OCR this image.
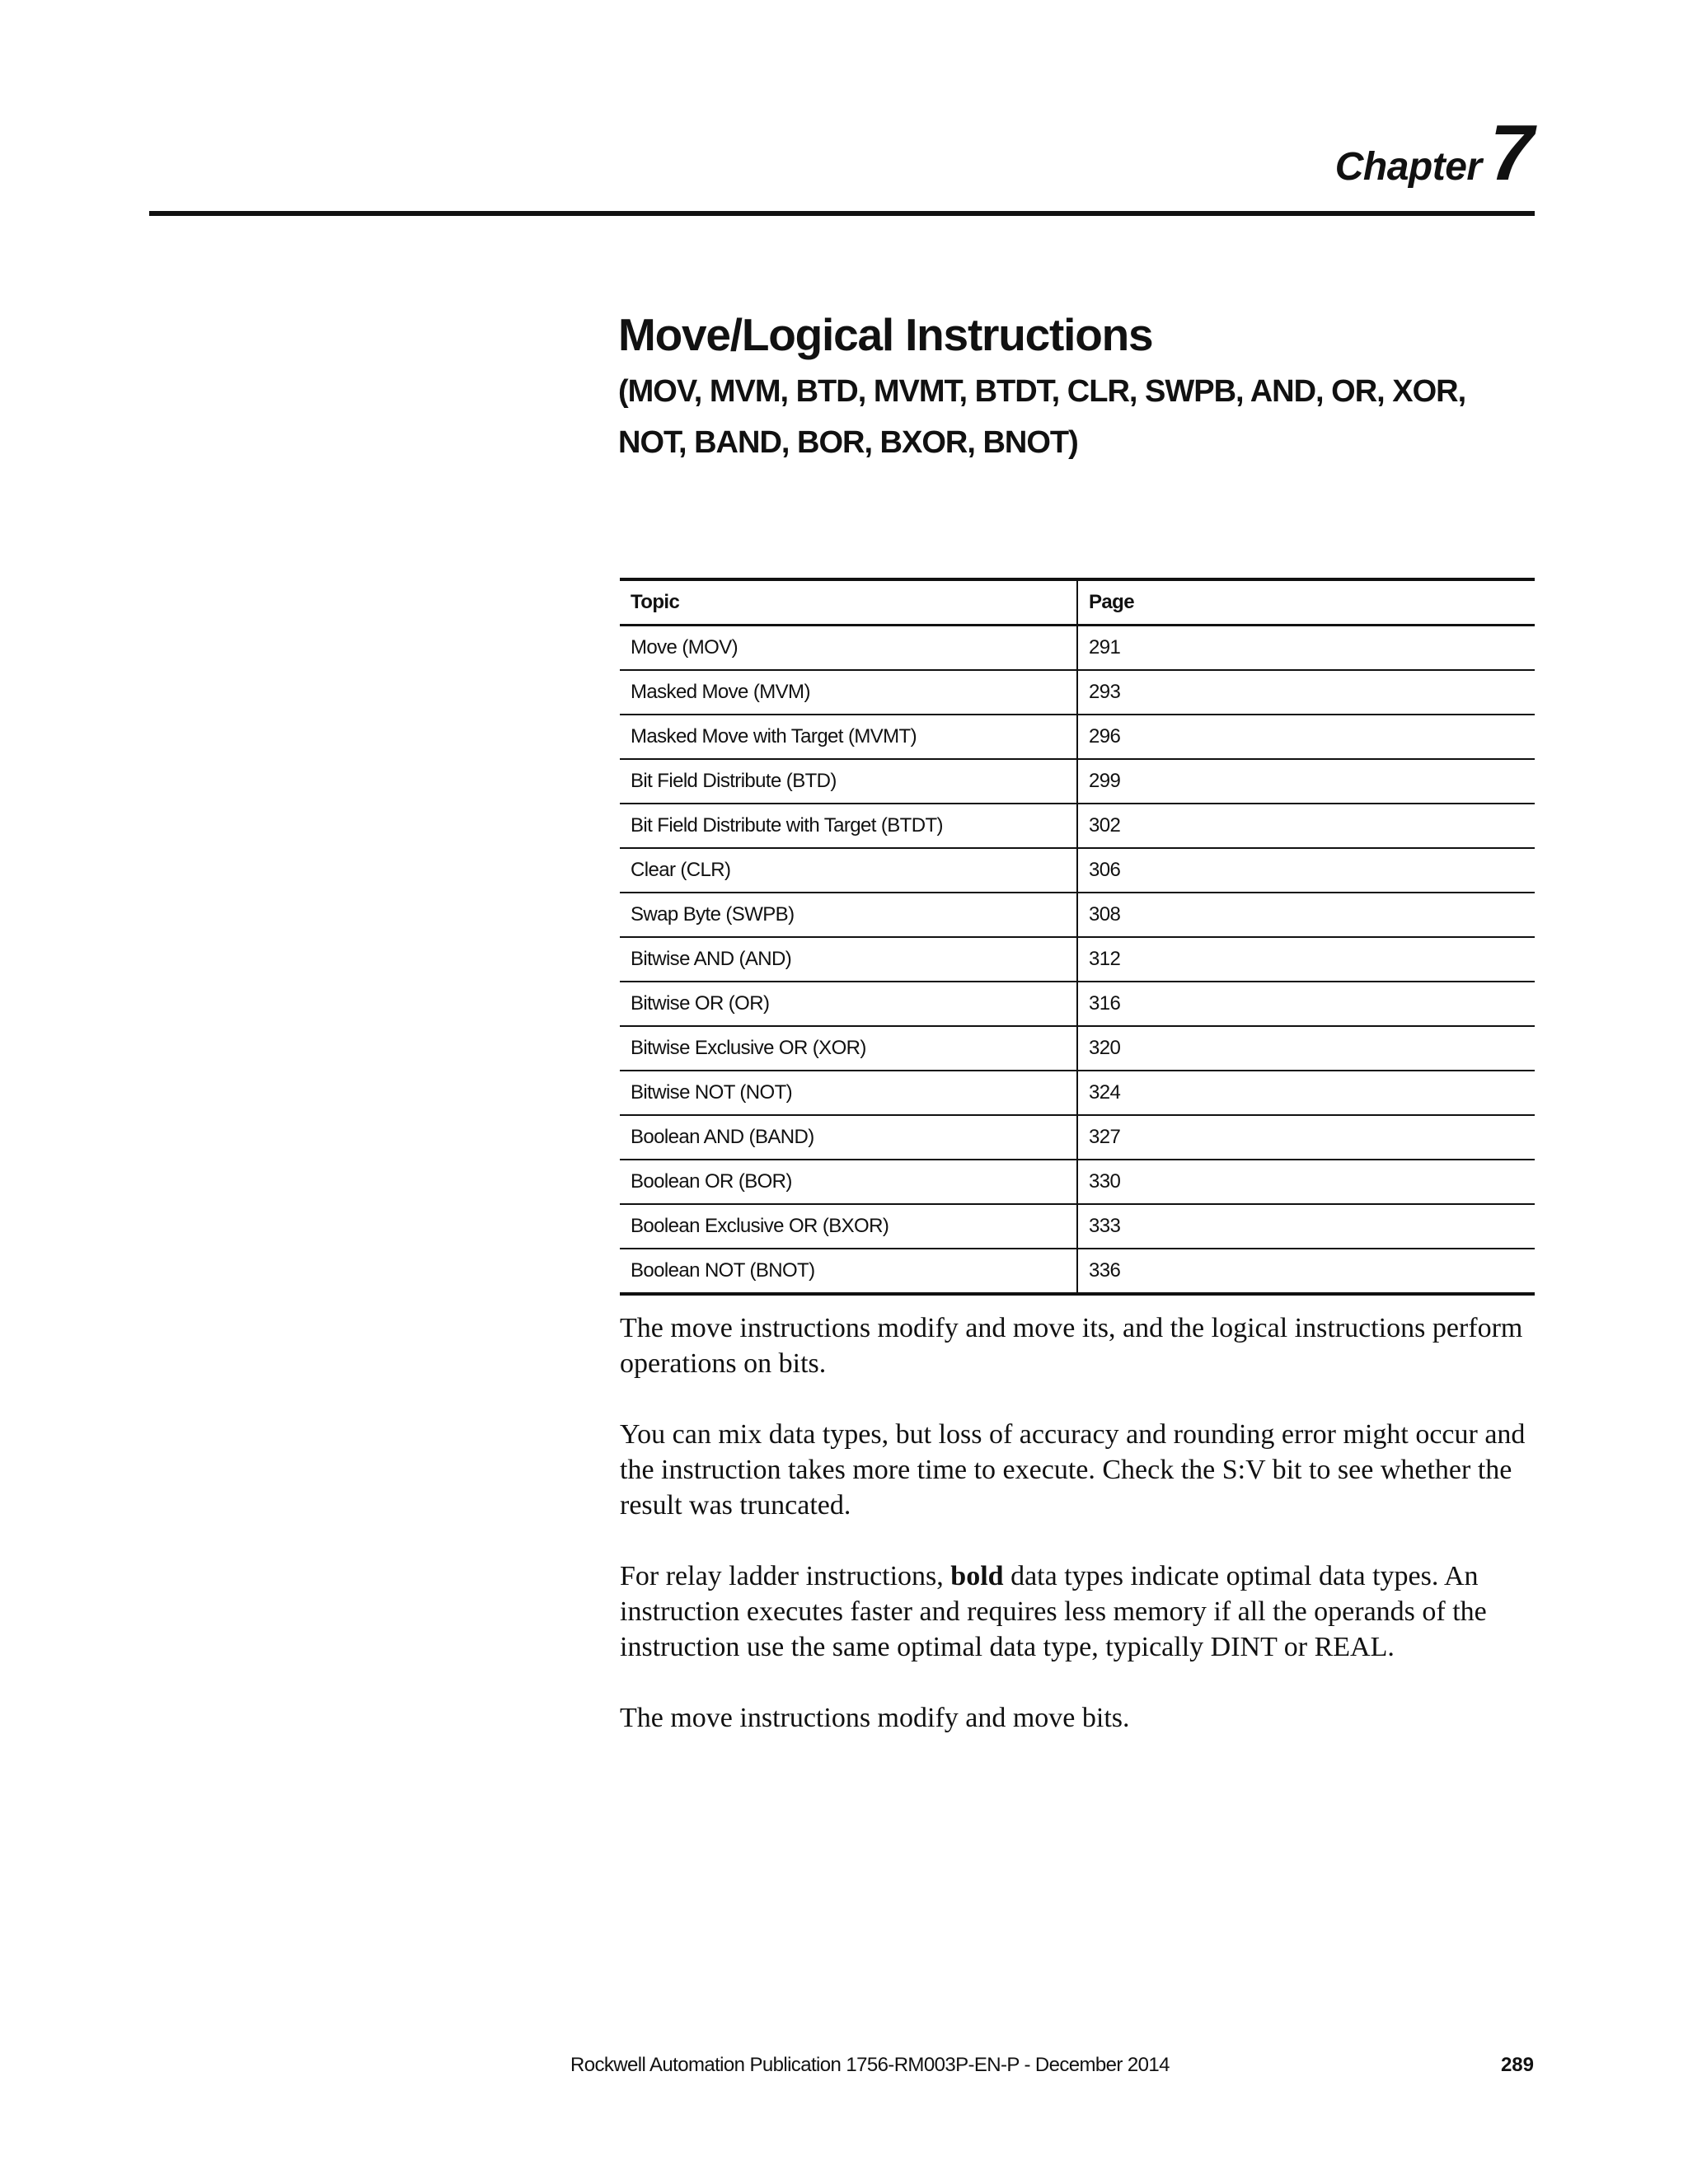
Chapter 7
Move/Logical Instructions
(MOV, MVM, BTD, MVMT, BTDT, CLR, SWPB, AND, OR, XOR, NOT, BAND, BOR, BXOR, BNOT)
Topic	Page
Move (MOV)	291
Masked Move (MVM)	293
Masked Move with Target (MVMT)	296
Bit Field Distribute (BTD)	299
Bit Field Distribute with Target (BTDT)	302
Clear (CLR)	306
Swap Byte (SWPB)	308
Bitwise AND (AND)	312
Bitwise OR (OR)	316
Bitwise Exclusive OR (XOR)	320
Bitwise NOT (NOT)	324
Boolean AND (BAND)	327
Boolean OR (BOR)	330
Boolean Exclusive OR (BXOR)	333
Boolean NOT (BNOT)	336

The move instructions modify and move its, and the logical instructions perform operations on bits.

You can mix data types, but loss of accuracy and rounding error might occur and the instruction takes more time to execute. Check the S:V bit to see whether the result was truncated.

For relay ladder instructions, bold data types indicate optimal data types. An instruction executes faster and requires less memory if all the operands of the instruction use the same optimal data type, typically DINT or REAL.

The move instructions modify and move bits.

Rockwell Automation Publication 1756-RM003P-EN-P - December 2014	289
